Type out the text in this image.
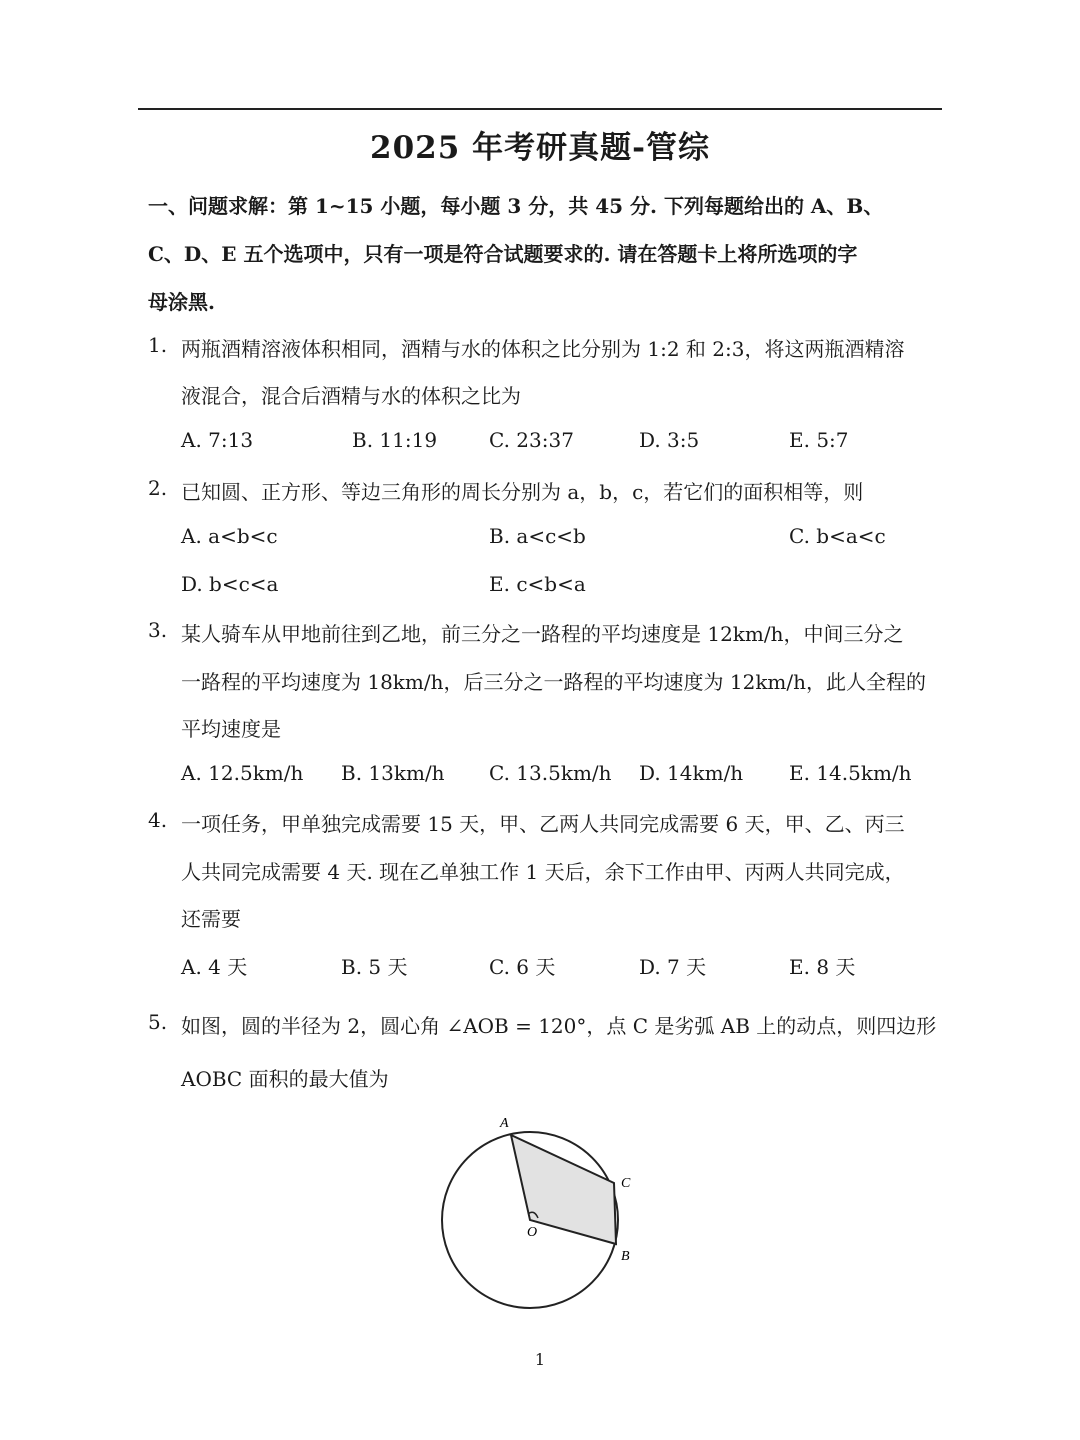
2025 年考研真题-管综
一、问题求解：第 1~15 小题，每小题 3 分，共 45 分. 下列每题给出的 A、B、
C、D、E 五个选项中，只有一项是符合试题要求的. 请在答题卡上将所选项的字
母涂黑.
1. 两瓶酒精溶液体积相同，酒精与水的体积之比分别为 1:2 和 2:3，将这两瓶酒精溶
液混合，混合后酒精与水的体积之比为
A. 7:13	B. 11:19	C. 23:37	D. 3:5	E. 5:7
2. 已知圆、正方形、等边三角形的周长分别为 a，b，c，若它们的面积相等，则
A. a<b<c	B. a<c<b	C. b<a<c
D. b<c<a	E. c<b<a
3. 某人骑车从甲地前往到乙地，前三分之一路程的平均速度是 12km/h，中间三分之
一路程的平均速度为 18km/h，后三分之一路程的平均速度为 12km/h，此人全程的
平均速度是
A. 12.5km/h B. 13km/h C. 13.5km/h D. 14km/h E. 14.5km/h
4. 一项任务，甲单独完成需要 15 天，甲、乙两人共同完成需要 6 天，甲、乙、丙三
人共同完成需要 4 天. 现在乙单独工作 1 天后，余下工作由甲、丙两人共同完成，
还需要
A. 4 天	B. 5 天	C. 6 天	D. 7 天	E. 8 天
5. 如图，圆的半径为 2，圆心角 ∠AOB = 120°，点 C 是劣弧 AB 上的动点，则四边形
AOBC 面积的最大值为
A
C
B
O
1
